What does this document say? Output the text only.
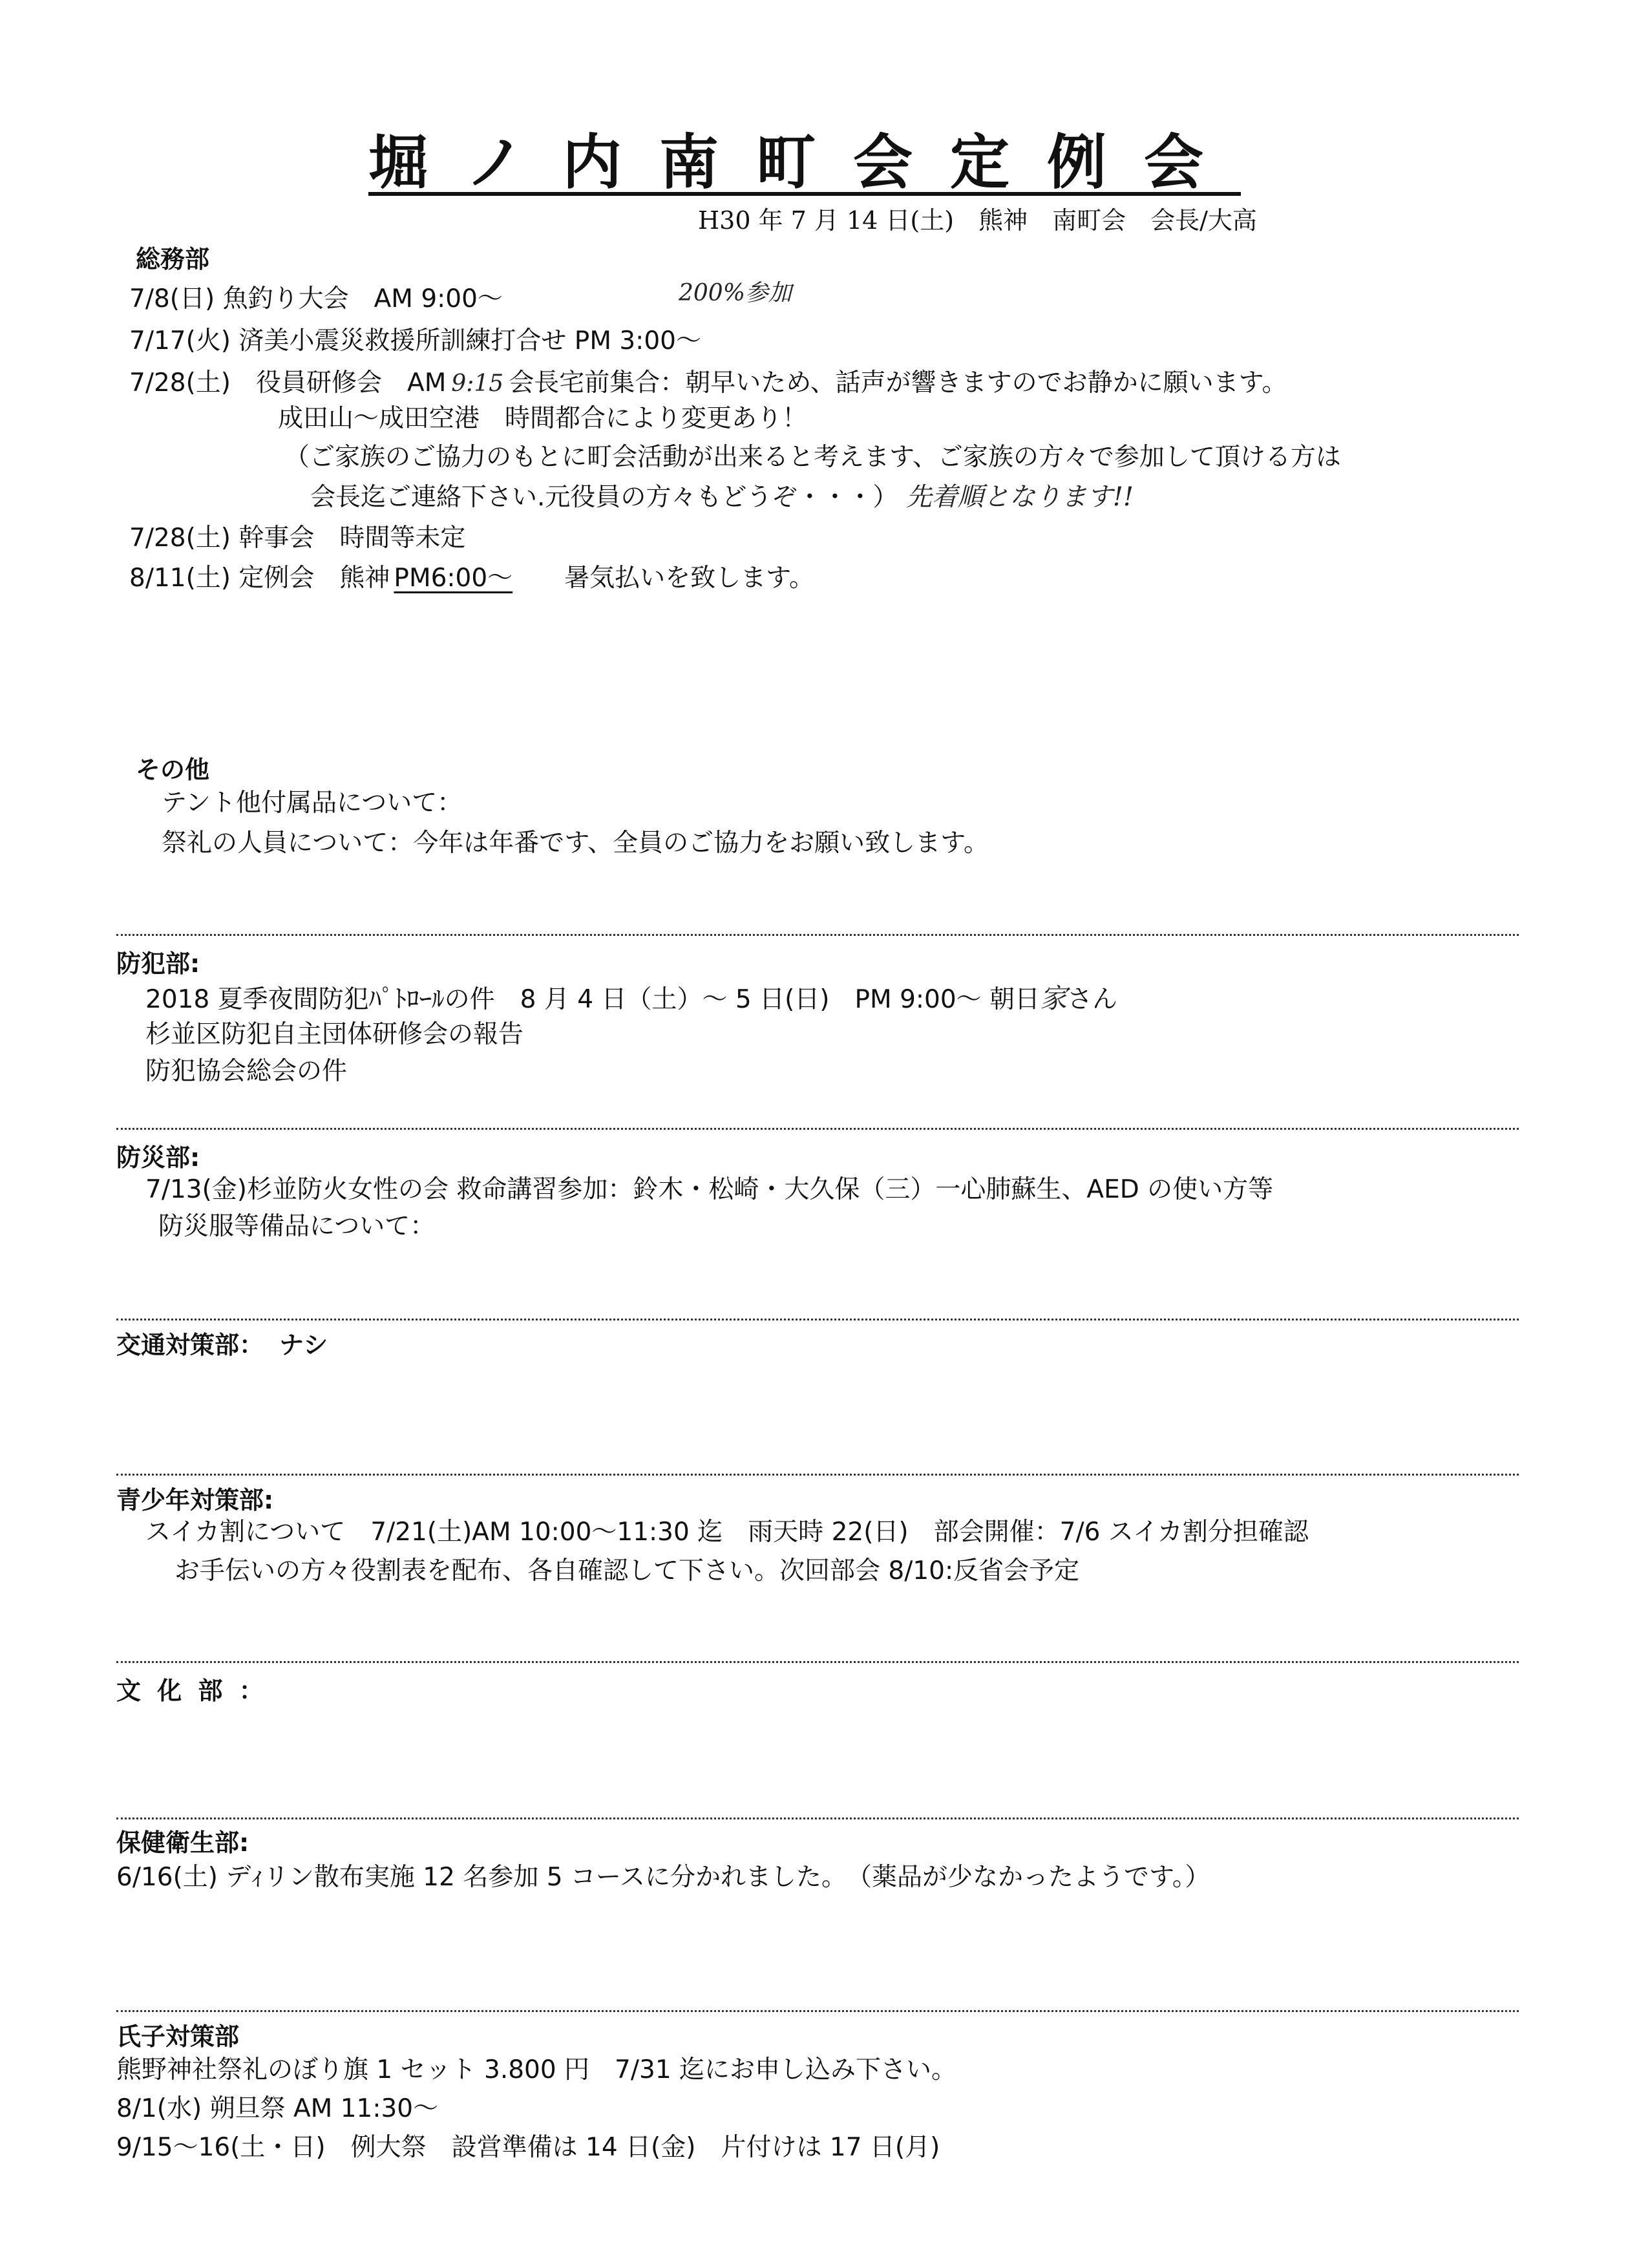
堀ノ内南町会定例会
H30 年 7 月 14 日(土)　熊神　南町会　会長/大高
総務部
7/8(日) 魚釣り大会　AM 9:00～	200%参加
7/17(火) 済美小震災救援所訓練打合せ PM 3:00～
7/28(土)　役員研修会　AM 9:15 会長宅前集合：朝早いため、話声が響きますのでお静かに願います。
成田山～成田空港　時間都合により変更あり！
（ご家族のご協力のもとに町会活動が出来ると考えます、ご家族の方々で参加して頂ける方は
会長迄ご連絡下さい.元役員の方々もどうぞ・・・） 先着順となります!!
7/28(土) 幹事会　時間等未定
8/11(土) 定例会　熊神 PM6:00～ 暑気払いを致します。
その他
テント他付属品について：
祭礼の人員について：今年は年番です、全員のご協力をお願い致します。
防犯部:
2018 夏季夜間防犯ﾊﾟﾄﾛｰﾙの件　8 月 4 日（土）～ 5 日(日)　PM 9:00～ 朝日家さん
杉並区防犯自主団体研修会の報告
防犯協会総会の件
防災部:
7/13(金)杉並防火女性の会 救命講習参加：鈴木・松崎・大久保（三）一心肺蘇生、AED の使い方等
防災服等備品について：
交通対策部： ナシ
青少年対策部:
スイカ割について　7/21(土)AM 10:00～11:30 迄　雨天時 22(日)　部会開催：7/6 スイカ割分担確認
お手伝いの方々役割表を配布、各自確認して下さい。次回部会 8/10:反省会予定
文 化 部 ：
保健衛生部:
6/16(土) デｨリン散布実施 12 名参加 5 コースに分かれました。　（薬品が少なかったようです。）
氏子対策部
熊野神社祭礼のぼり旗 1 セット 3.800 円　7/31 迄にお申し込み下さい。
8/1(水) 朔旦祭 AM 11:30～
9/15～16(土・日)　例大祭　設営準備は 14 日(金)　片付けは 17 日(月)
